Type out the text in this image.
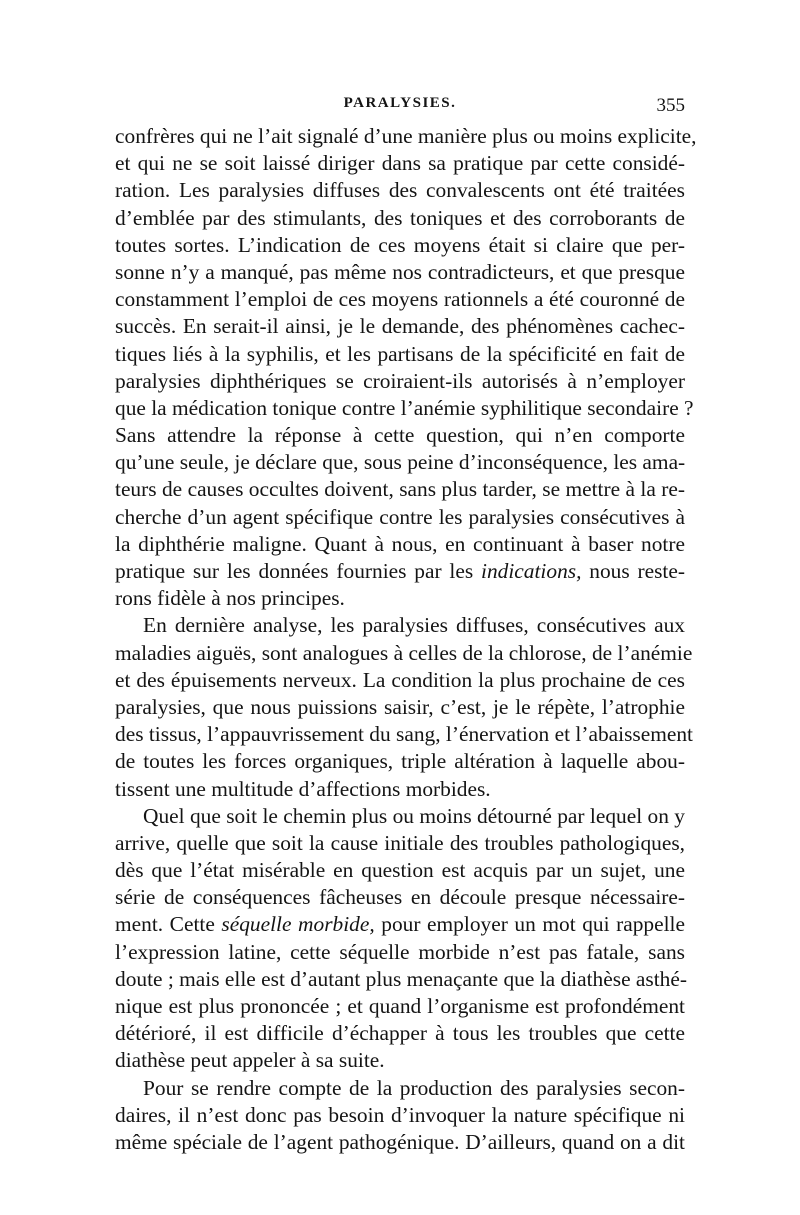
PARALYSIES.	355

confrères qui ne l’ait signalé d’une manière plus ou moins explicite,
et qui ne se soit laissé diriger dans sa pratique par cette considé-
ration. Les paralysies diffuses des convalescents ont été traitées
d’emblée par des stimulants, des toniques et des corroborants de
toutes sortes. L’indication de ces moyens était si claire que per-
sonne n’y a manqué, pas même nos contradicteurs, et que presque
constamment l’emploi de ces moyens rationnels a été couronné de
succès. En serait-il ainsi, je le demande, des phénomènes cachec-
tiques liés à la syphilis, et les partisans de la spécificité en fait de
paralysies diphthériques se croiraient-ils autorisés à n’employer
que la médication tonique contre l’anémie syphilitique secondaire ?
Sans attendre la réponse à cette question, qui n’en comporte
qu’une seule, je déclare que, sous peine d’inconséquence, les ama-
teurs de causes occultes doivent, sans plus tarder, se mettre à la re-
cherche d’un agent spécifique contre les paralysies consécutives à
la diphthérie maligne. Quant à nous, en continuant à baser notre
pratique sur les données fournies par les indications, nous reste-
rons fidèle à nos principes.

En dernière analyse, les paralysies diffuses, consécutives aux
maladies aiguës, sont analogues à celles de la chlorose, de l’anémie
et des épuisements nerveux. La condition la plus prochaine de ces
paralysies, que nous puissions saisir, c’est, je le répète, l’atrophie
des tissus, l’appauvrissement du sang, l’énervation et l’abaissement
de toutes les forces organiques, triple altération à laquelle abou-
tissent une multitude d’affections morbides.

Quel que soit le chemin plus ou moins détourné par lequel on y
arrive, quelle que soit la cause initiale des troubles pathologiques,
dès que l’état misérable en question est acquis par un sujet, une
série de conséquences fâcheuses en découle presque nécessaire-
ment. Cette séquelle morbide, pour employer un mot qui rappelle
l’expression latine, cette séquelle morbide n’est pas fatale, sans
doute ; mais elle est d’autant plus menaçante que la diathèse asthé-
nique est plus prononcée ; et quand l’organisme est profondément
détérioré, il est difficile d’échapper à tous les troubles que cette
diathèse peut appeler à sa suite.

Pour se rendre compte de la production des paralysies secon-
daires, il n’est donc pas besoin d’invoquer la nature spécifique ni
même spéciale de l’agent pathogénique. D’ailleurs, quand on a dit
